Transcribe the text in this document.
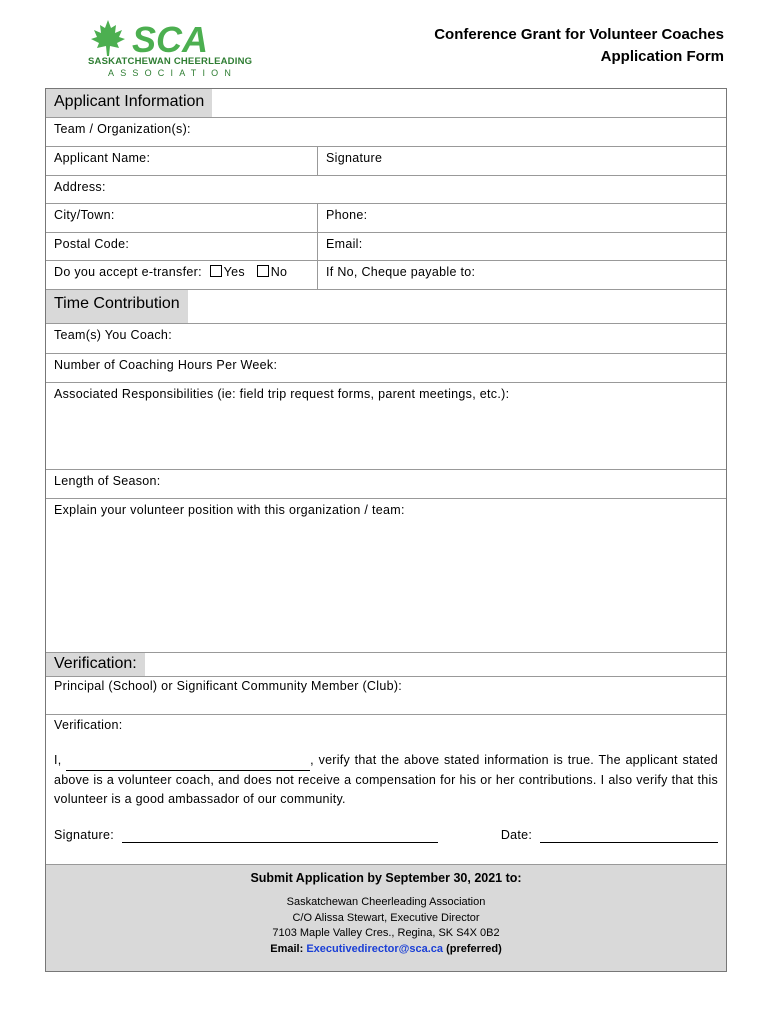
SCA
SASKATCHEWAN CHEERLEADING
ASSOCIATION
Conference Grant for Volunteer Coaches
Application Form
Applicant Information
Team / Organization(s):
Applicant Name:	Signature
Address:
City/Town:	Phone:
Postal Code:	Email:
Do you accept e-transfer: Yes No	If No, Cheque payable to:
Time Contribution
Team(s) You Coach:
Number of Coaching Hours Per Week:
Associated Responsibilities (ie: field trip request forms, parent meetings, etc.):
Length of Season:
Explain your volunteer position with this organization / team:
Verification:
Principal (School) or Significant Community Member (Club):
Verification:
I,	, verify that the above stated information is true. The applicant stated above is a volunteer coach, and does not receive a compensation for his or her contributions. I also verify that this volunteer is a good ambassador of our community.
Signature:	Date:
Submit Application by September 30, 2021 to:
Saskatchewan Cheerleading Association
C/O Alissa Stewart, Executive Director
7103 Maple Valley Cres., Regina, SK S4X 0B2
Email: Executivedirector@sca.ca (preferred)
